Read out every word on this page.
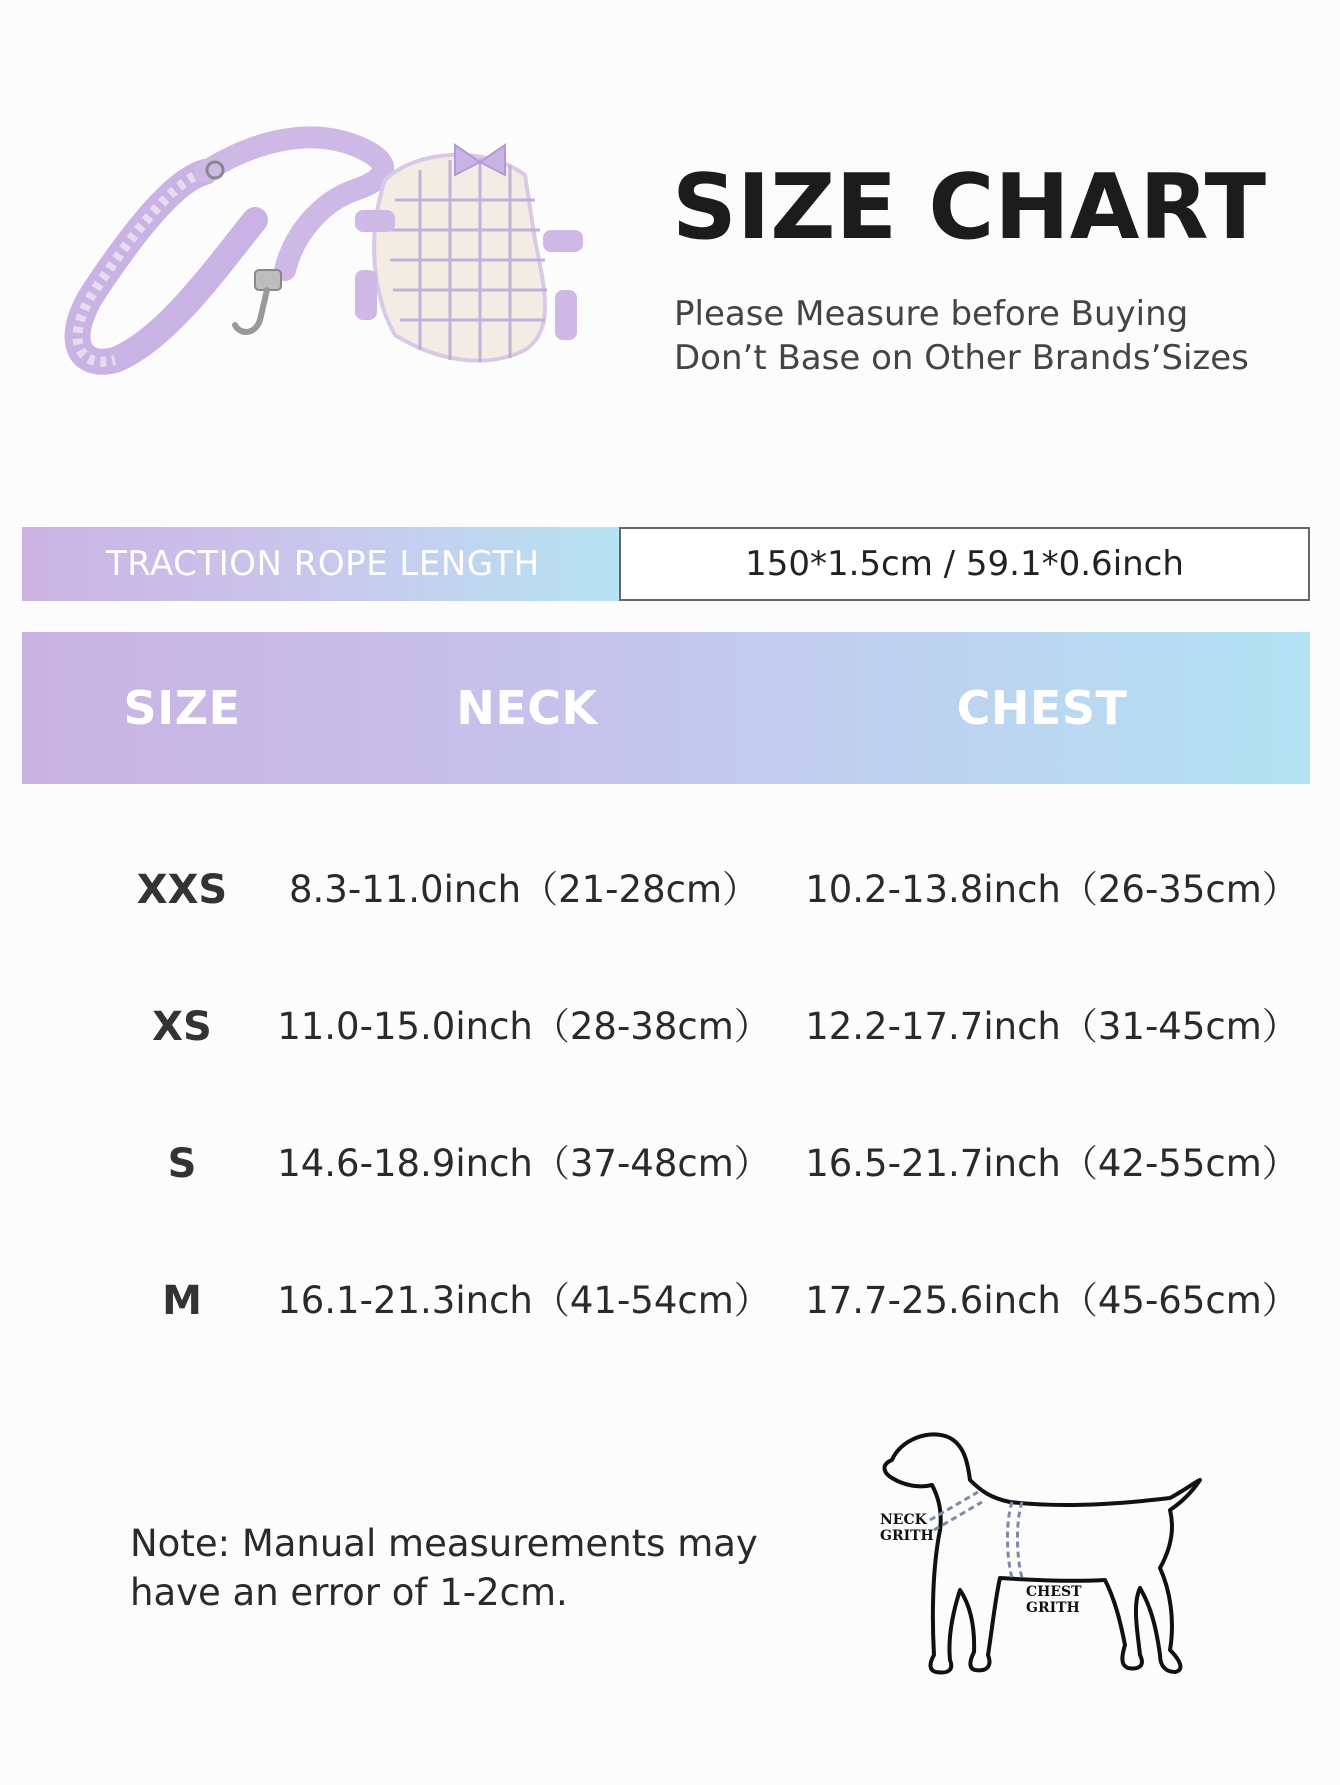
SIZE CHART
Please Measure before Buying
Don’t Base on Other Brands’Sizes
TRACTION ROPE LENGTH	150*1.5cm / 59.1*0.6inch
SIZE	NECK	CHEST
XXS	8.3-11.0inch（21-28cm）	10.2-13.8inch（26-35cm）
XS	11.0-15.0inch（28-38cm） 12.2-17.7inch（31-45cm）
S	14.6-18.9inch（37-48cm） 16.5-21.7inch（42-55cm）
M	16.1-21.3inch（41-54cm） 17.7-25.6inch（45-65cm）
Note: Manual measurements may
have an error of 1-2cm.
NECK
GRITH
CHEST
GRITH
